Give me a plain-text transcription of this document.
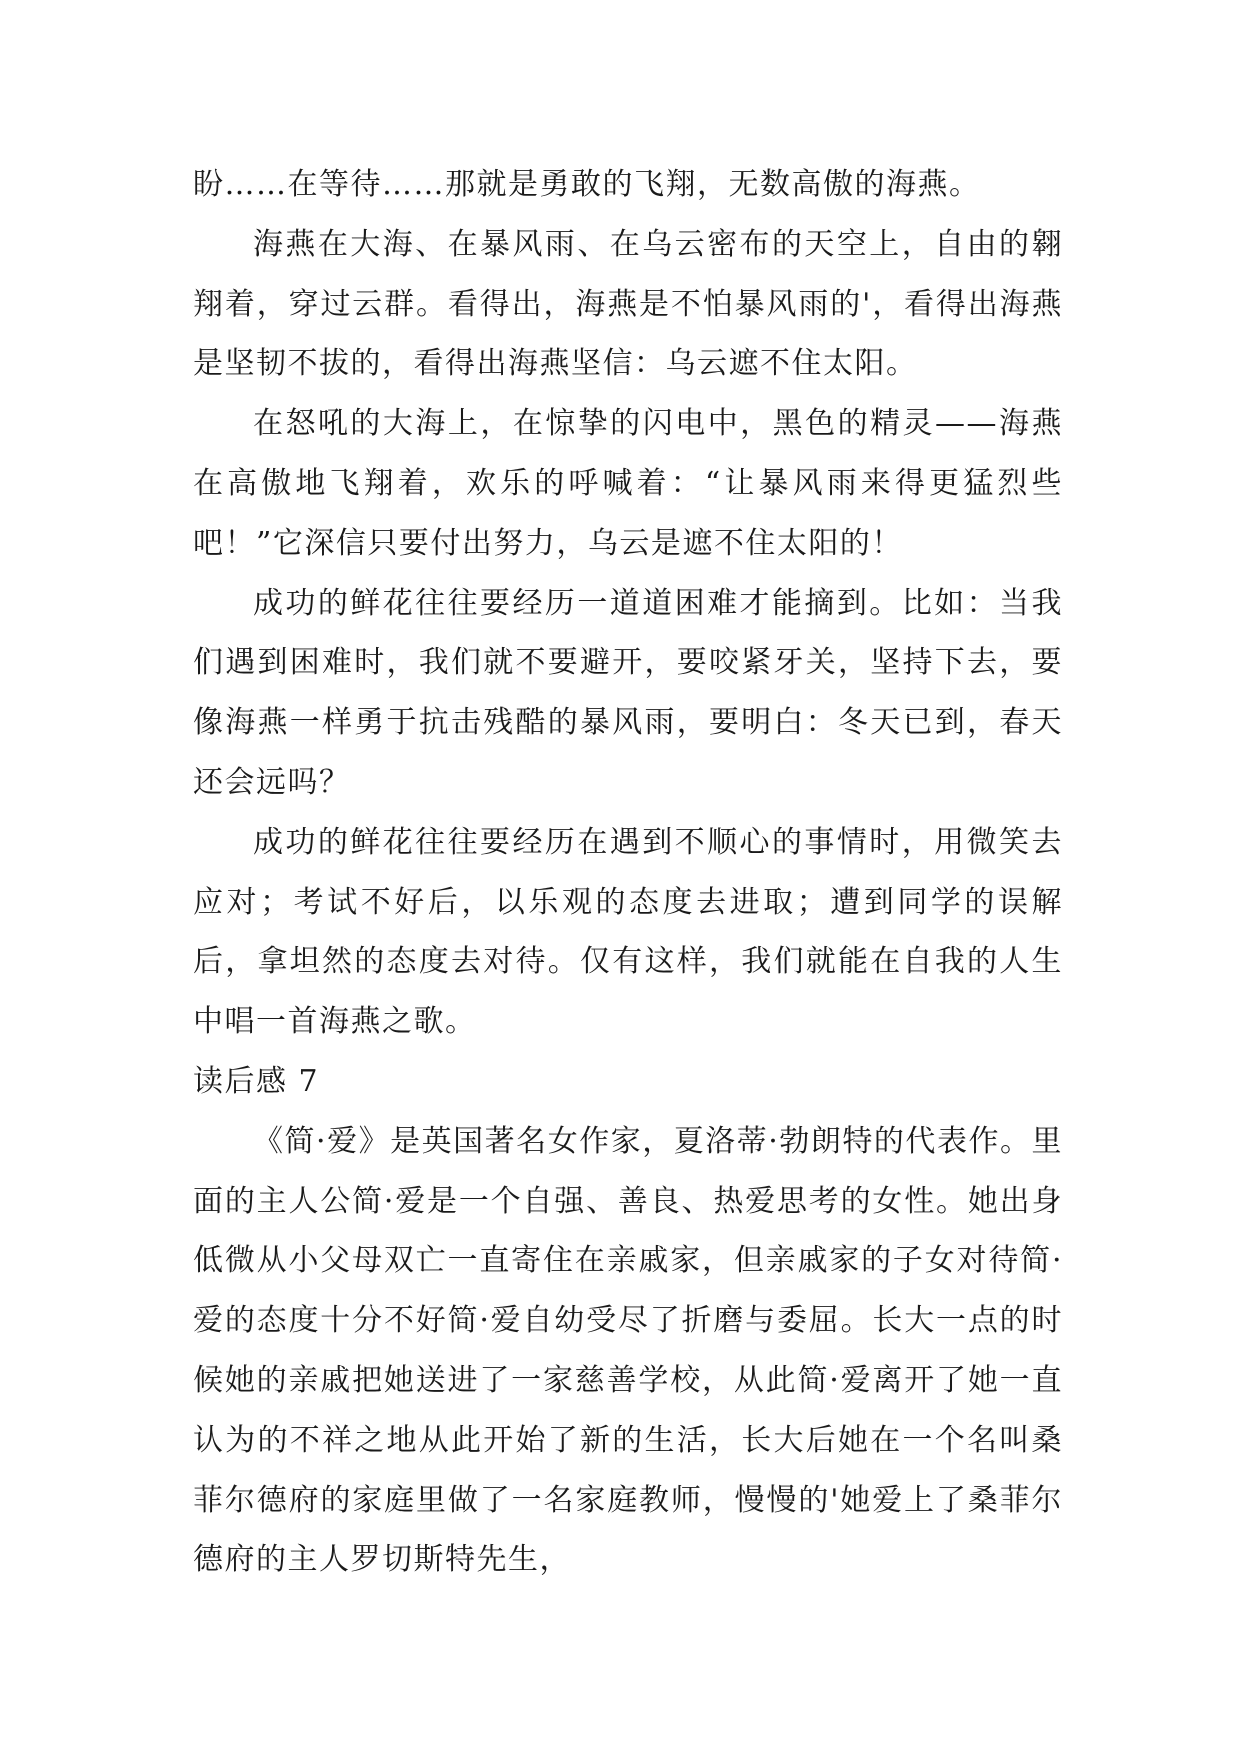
盼……在等待……那就是勇敢的飞翔，无数高傲的海燕。

海燕在大海、在暴风雨、在乌云密布的天空上，自由的翱翔着，穿过云群。看得出，海燕是不怕暴风雨的'，看得出海燕是坚韧不拔的，看得出海燕坚信：乌云遮不住太阳。

在怒吼的大海上，在惊挚的闪电中，黑色的精灵——海燕在高傲地飞翔着，欢乐的呼喊着：“让暴风雨来得更猛烈些吧！”它深信只要付出努力，乌云是遮不住太阳的！

成功的鲜花往往要经历一道道困难才能摘到。比如：当我们遇到困难时，我们就不要避开，要咬紧牙关，坚持下去，要像海燕一样勇于抗击残酷的暴风雨，要明白：冬天已到，春天还会远吗？

成功的鲜花往往要经历在遇到不顺心的事情时，用微笑去应对；考试不好后，以乐观的态度去进取；遭到同学的误解后，拿坦然的态度去对待。仅有这样，我们就能在自我的人生中唱一首海燕之歌。

读后感 7

《简·爱》是英国著名女作家，夏洛蒂·勃朗特的代表作。里面的主人公简·爱是一个自强、善良、热爱思考的女性。她出身低微从小父母双亡一直寄住在亲戚家，但亲戚家的子女对待简·爱的态度十分不好简·爱自幼受尽了折磨与委屈。长大一点的时候她的亲戚把她送进了一家慈善学校，从此简·爱离开了她一直认为的不祥之地从此开始了新的生活，长大后她在一个名叫桑菲尔德府的家庭里做了一名家庭教师，慢慢的'她爱上了桑菲尔德府的主人罗切斯特先生，
